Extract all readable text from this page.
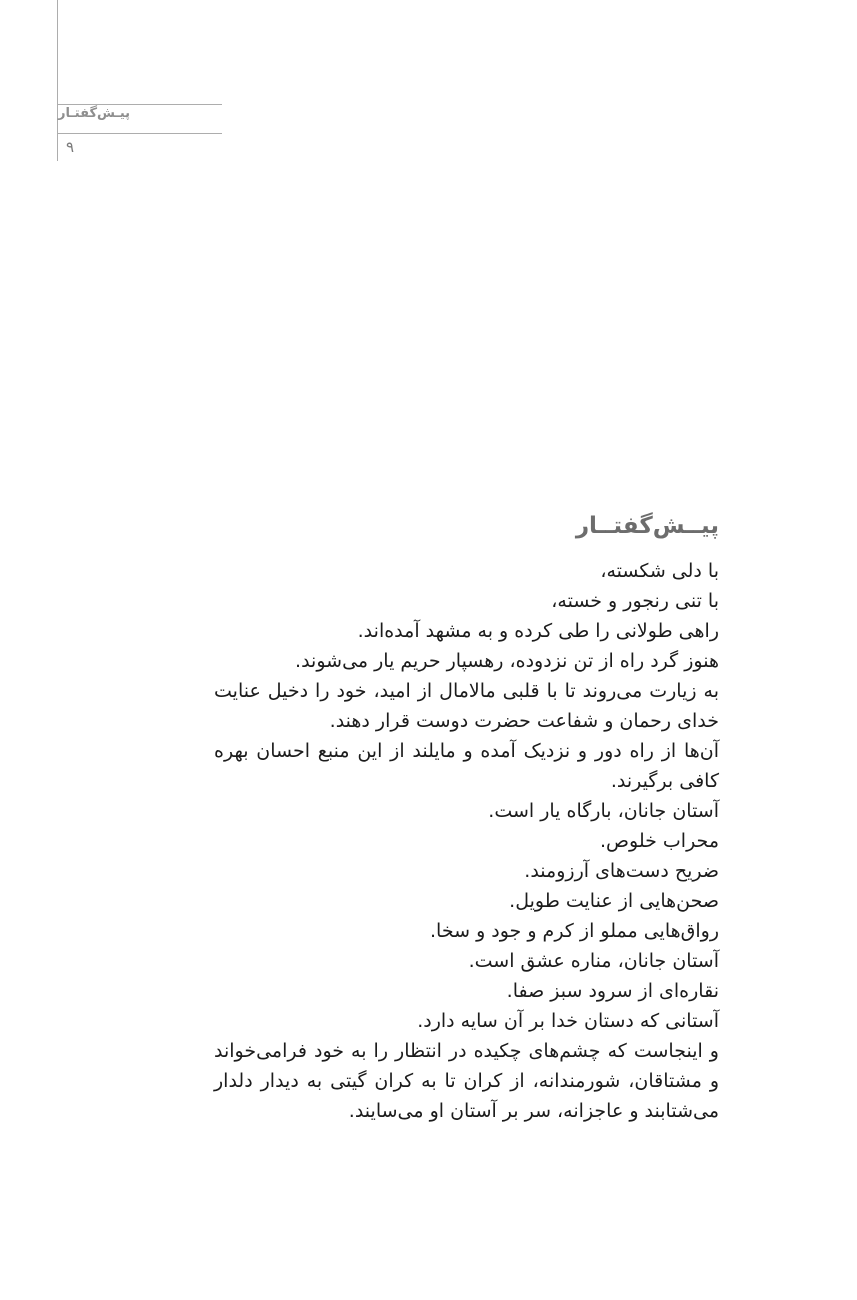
پیـش‌گفتـار
۹
پیــش‌گفتــار

با دلی شکسته،

با تنی رنجور و خسته،

راهی طولانی را طی کرده و به مشهد آمده‌اند.

هنوز گرد راه از تن نزدوده، رهسپار حریم یار می‌شوند.

به زیارت می‌روند تا با قلبی مالامال از امید، خود را دخیل عنایت خدای رحمان و شفاعت حضرت دوست قرار دهند.

آن‌ها از راه دور و نزدیک آمده و مایلند از این منبع احسان بهره کافی برگیرند.

آستان جانان، بارگاه یار است.

محراب خلوص.

ضریح دست‌های آرزومند.

صحن‌هایی از عنایت طویل.

رواق‌هایی مملو از کرم و جود و سخا.

آستان جانان، مناره عشق است.

نقاره‌ای از سرود سبز صفا.

آستانی که دستان خدا بر آن سایه دارد.

و اینجاست که چشم‌های چکیده در انتظار را به خود فرامی‌خواند و مشتاقان، شورمندانه، از کران تا به کران گیتی به دیدار دلدار می‌شتابند و عاجزانه، سر بر آستان او می‌سایند.
